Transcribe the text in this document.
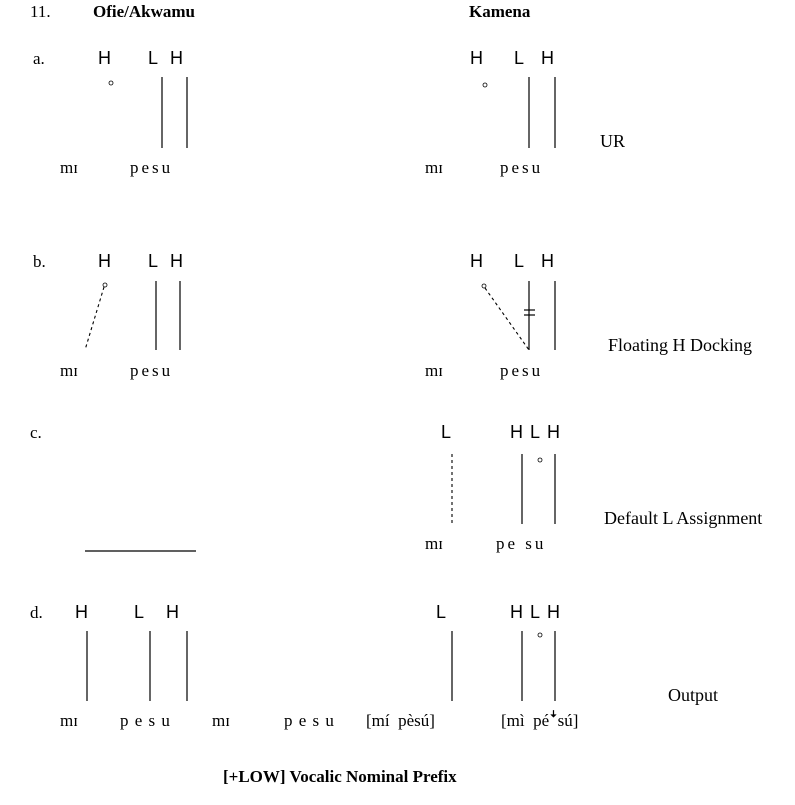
11. Ofie/Akwamu	Kamena
a.	H L H
mɪ	pesu
H L H
mɪ	pesu
UR
b.	H L H
mɪ	pesu
H L H
mɪ	pesu
Floating H Docking
c.	L	H L H
mɪ	pe su
Default L Assignment
d. H	L H
mɪ p e s u mɪ	p e s u [mí  pèsú]
L	H L H
[mì  péꜜsú]
Output
[+LOW] Vocalic Nominal Prefix
